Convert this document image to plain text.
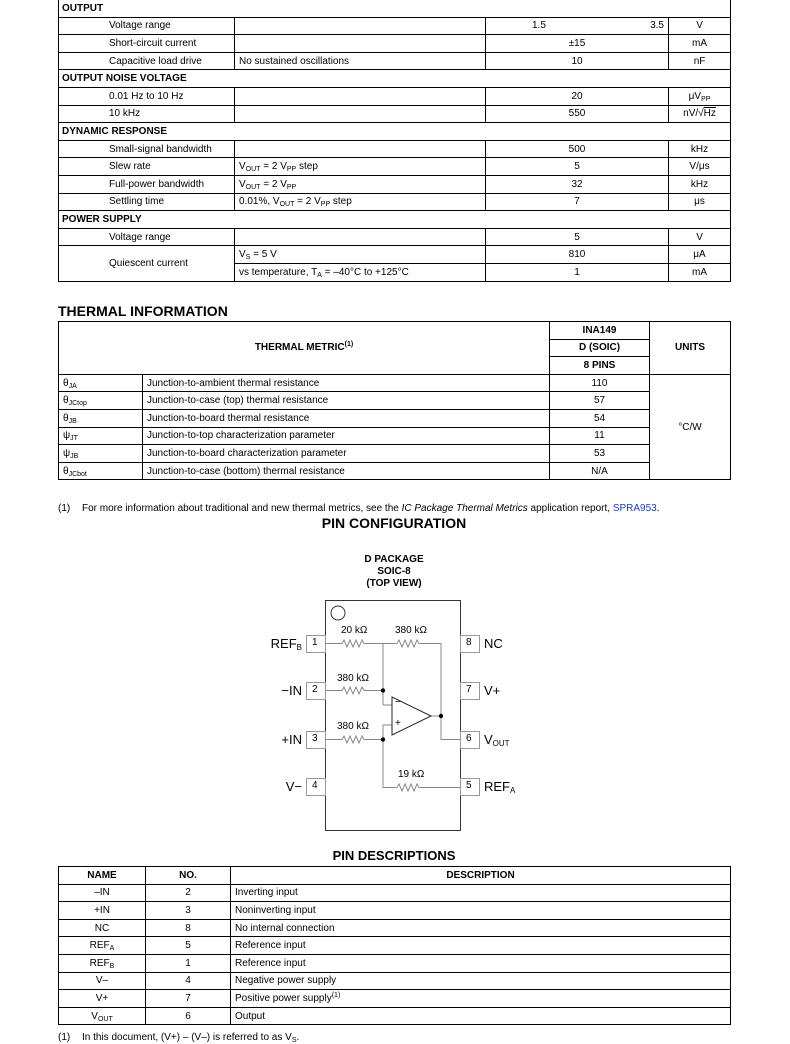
OUTPUT			
Voltage range		1.5 3.5	V
Short-circuit current		±15	mA
Capacitive load drive	No sustained oscillations	10	nF
OUTPUT NOISE VOLTAGE			
0.01 Hz to 10 Hz		20	$\mu V_{PP}$
10 kHz		550	nV/√Hz
DYNAMIC RESPONSE			
Small-signal bandwidth		500	kHz
Slew rate	$V_{OUT} = 2$ $V_{PP}$ step	5	V/μs
Full-power bandwidth	$V_{OUT} = 2$ $V_{PP}$	32	kHz
Settling time	0.01%, $V_{OUT} = 2$ $V_{PP}$ step	7	μs
POWER SUPPLY			
Voltage range		5	V
Quiescent current	$V_S = 5$ V	810	μA
	vs temperature, $T_A = -40^\circ C$ to +125°C	1	mA
THERMAL INFORMATION
THERMAL METRIC$^{(1)}$		INA149	UNITS
		D (SOIC)	
		8 PINS	
$\theta_{JA}$	Junction-to-ambient thermal resistance	110	°C/W
$\theta_{JCtop}$	Junction-to-case (top) thermal resistance	57	
$\theta_{JB}$	Junction-to-board thermal resistance	54	
$\psi_{JT}$	Junction-to-top characterization parameter	11	
$\psi_{JB}$	Junction-to-board characterization parameter	53	
$\theta_{JCbot}$	Junction-to-case (bottom) thermal resistance	N/A	
(1) For more information about traditional and new thermal metrics, see the IC Package Thermal Metrics application report, SPRA953.
PIN CONFIGURATION
D PACKAGE
SOIC-8
(TOP VIEW)
−
+
20 kΩ	380 kΩ
380 kΩ
380 kΩ
19 kΩ
1
2
3
4
8
7
6
5
$REF_B$
−IN
+IN
V−
NC
V+
$V_{OUT}$
$REF_A$
PIN DESCRIPTIONS
NAME	NO.	DESCRIPTION
–IN	2	Inverting input
+IN	3	Noninverting input
NC	8	No internal connection
$REF_A$	5	Reference input
$REF_B$	1	Reference input
V–	4	Negative power supply
V+	7	Positive power supply$^{(1)}$
$V_{OUT}$	6	Output
(1) In this document, (V+) – (V–) is referred to as $V_S$.
